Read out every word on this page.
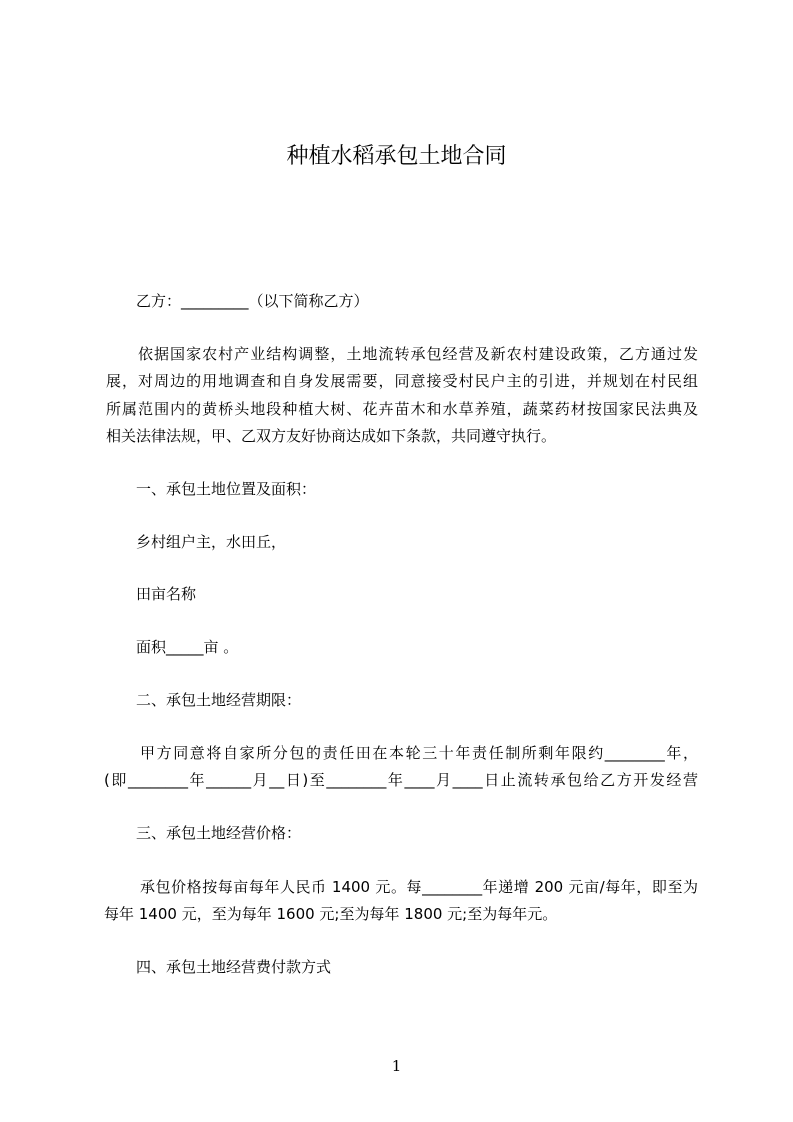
种植水稻承包土地合同
乙方：_________（以下简称乙方）
依据国家农村产业结构调整，土地流转承包经营及新农村建设政策，乙方通过发
展，对周边的用地调查和自身发展需要，同意接受村民户主的引进，并规划在村民组
所属范围内的黄桥头地段种植大树、花卉苗木和水草养殖，蔬菜药材按国家民法典及
相关法律法规，甲、乙双方友好协商达成如下条款，共同遵守执行。
一、承包土地位置及面积：
乡村组户主，水田丘，
田亩名称
面积_____亩 。
二、承包土地经营期限：
甲方同意将自家所分包的责任田在本轮三十年责任制所剩年限约________年，
(即________年______月__日)至________年____月____日止流转承包给乙方开发经营
三、承包土地经营价格：
承包价格按每亩每年人民币 1400 元。每________年递增 200 元亩/每年，即至为
每年 1400 元，至为每年 1600 元;至为每年 1800 元;至为每年元。
四、承包土地经营费付款方式
1
